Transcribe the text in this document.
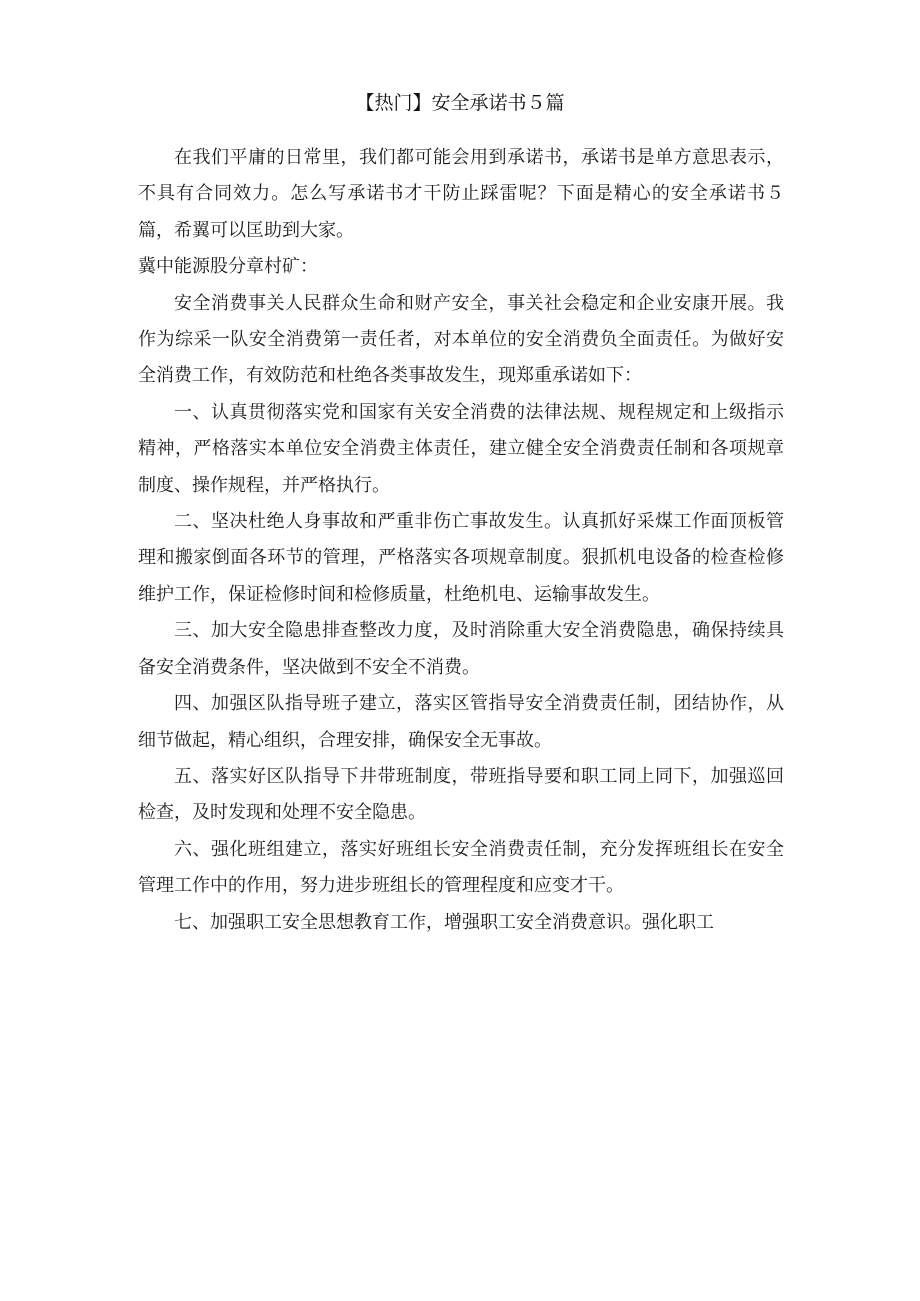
【热门】安全承诺书５篇

在我们平庸的日常里，我们都可能会用到承诺书，承诺书是单方意思表示，不具有合同效力。怎么写承诺书才干防止踩雷呢？下面是精心的安全承诺书５篇，希翼可以匡助到大家。

冀中能源股分章村矿：

安全消费事关人民群众生命和财产安全，事关社会稳定和企业安康开展。我作为综采一队安全消费第一责任者，对本单位的安全消费负全面责任。为做好安全消费工作，有效防范和杜绝各类事故发生，现郑重承诺如下：

一、认真贯彻落实党和国家有关安全消费的法律法规、规程规定和上级指示精神，严格落实本单位安全消费主体责任，建立健全安全消费责任制和各项规章制度、操作规程，并严格执行。

二、坚决杜绝人身事故和严重非伤亡事故发生。认真抓好采煤工作面顶板管理和搬家倒面各环节的管理，严格落实各项规章制度。狠抓机电设备的检查检修维护工作，保证检修时间和检修质量，杜绝机电、运输事故发生。

三、加大安全隐患排查整改力度，及时消除重大安全消费隐患，确保持续具备安全消费条件，坚决做到不安全不消费。

四、加强区队指导班子建立，落实区管指导安全消费责任制，团结协作，从细节做起，精心组织，合理安排，确保安全无事故。

五、落实好区队指导下井带班制度，带班指导要和职工同上同下，加强巡回检查，及时发现和处理不安全隐患。

六、强化班组建立，落实好班组长安全消费责任制，充分发挥班组长在安全管理工作中的作用，努力进步班组长的管理程度和应变才干。

七、加强职工安全思想教育工作，增强职工安全消费意识。强化职工
